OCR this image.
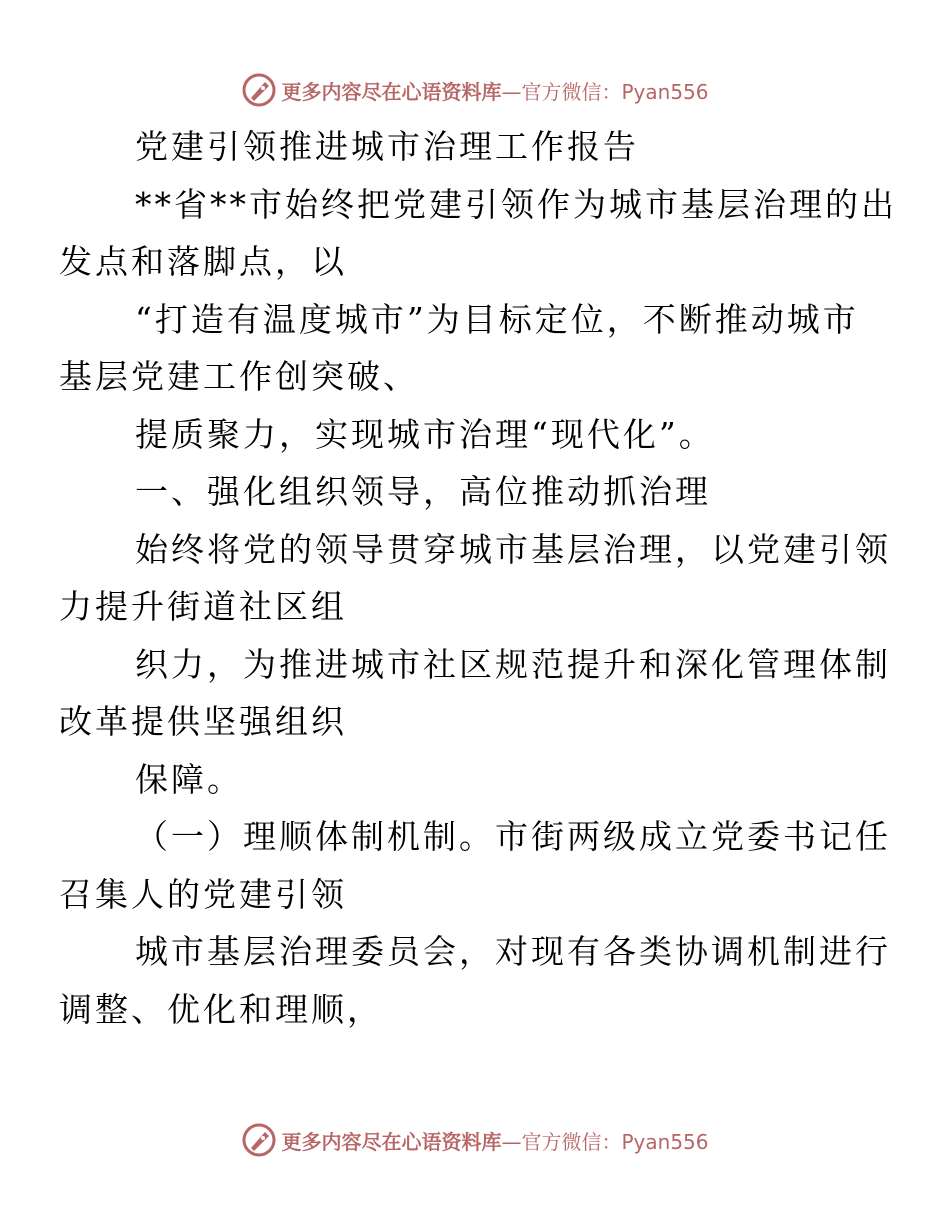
更多内容尽在心语资料库—官方微信：Pyan556

党建引领推进城市治理工作报告

**省**市始终把党建引领作为城市基层治理的出
发点和落脚点，以

“打造有温度城市”为目标定位，不断推动城市
基层党建工作创突破、

提质聚力，实现城市治理“现代化”。

一、强化组织领导，高位推动抓治理

始终将党的领导贯穿城市基层治理，以党建引领
力提升街道社区组

织力，为推进城市社区规范提升和深化管理体制
改革提供坚强组织

保障。

（一）理顺体制机制。市街两级成立党委书记任
召集人的党建引领

城市基层治理委员会，对现有各类协调机制进行
调整、优化和理顺，

更多内容尽在心语资料库—官方微信：Pyan556
